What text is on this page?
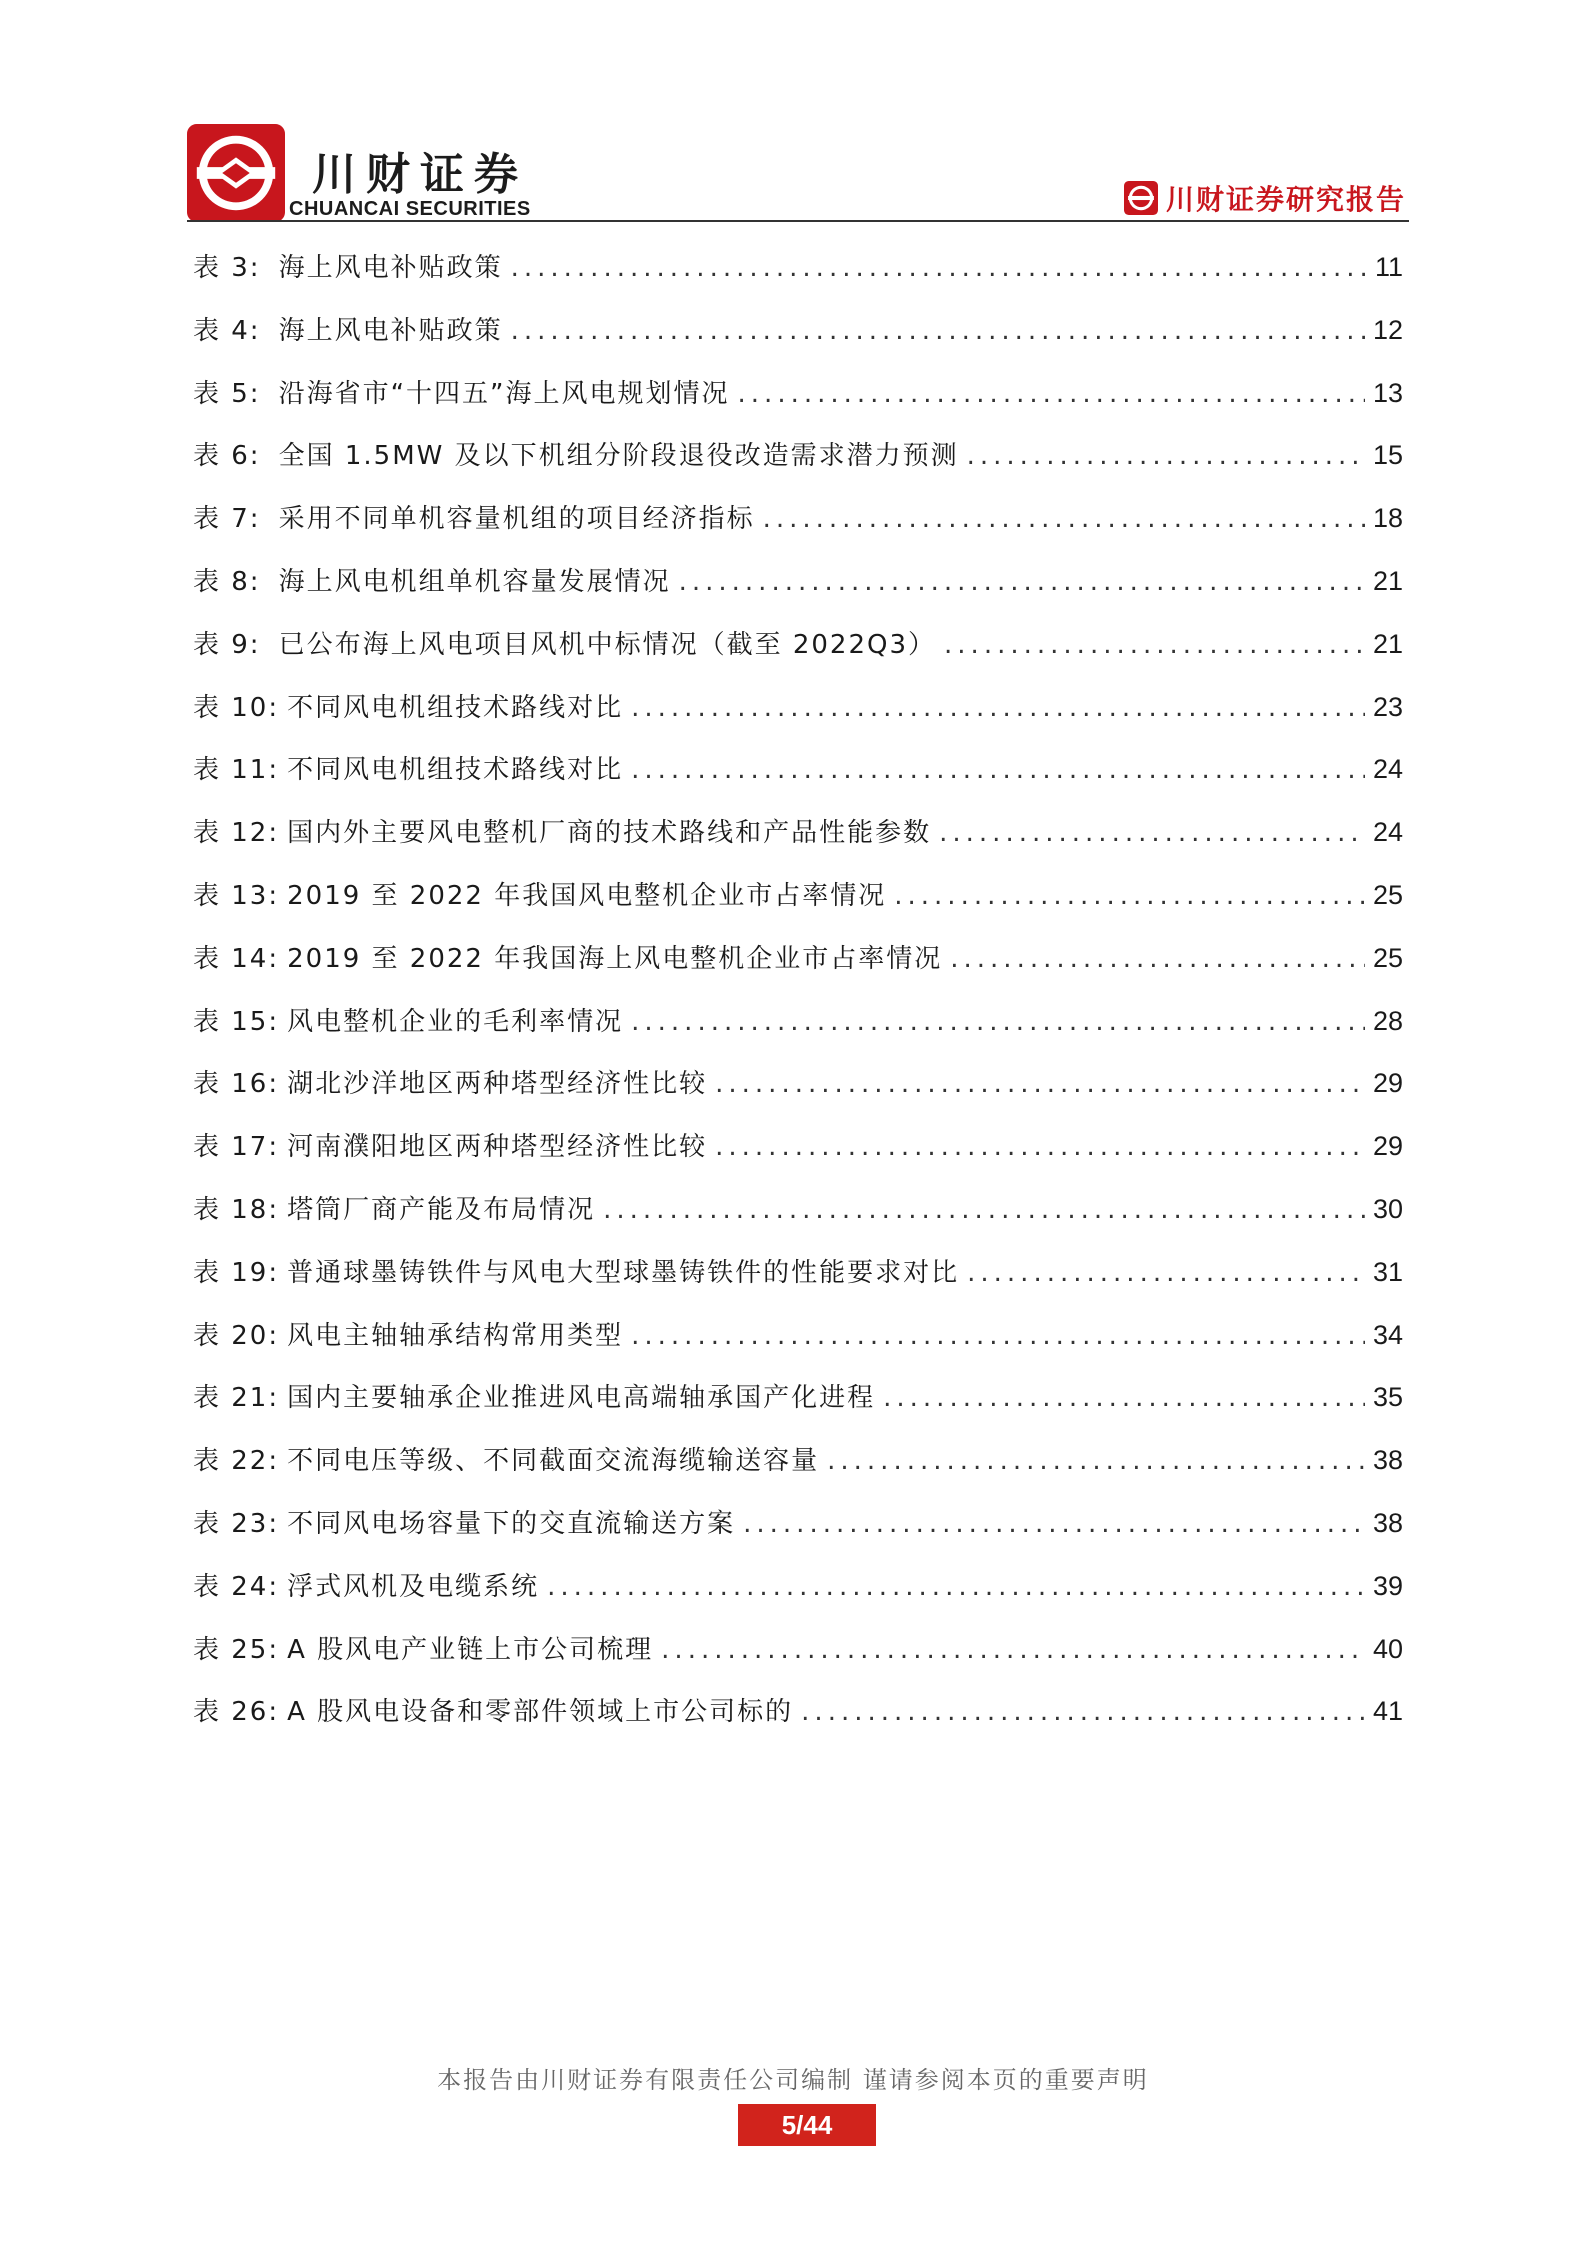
川财证券
CHUANCAI SECURITIES	川财证券研究报告
表 3: 海上风电补贴政策 .....	11
表 4: 海上风电补贴政策 .....	12
表 5: 沿海省市“十四五”海上风电规划情况 .....	13
表 6: 全国 1.5MW 及以下机组分阶段退役改造需求潜力预测 .....	15
表 7: 采用不同单机容量机组的项目经济指标 .....	18
表 8: 海上风电机组单机容量发展情况 .....	21
表 9: 已公布海上风电项目风机中标情况（截至 2022Q3） .....	21
表 10: 不同风电机组技术路线对比 .....	23
表 11: 不同风电机组技术路线对比 .....	24
表 12: 国内外主要风电整机厂商的技术路线和产品性能参数 .....	24
表 13: 2019 至 2022 年我国风电整机企业市占率情况 .....	25
表 14: 2019 至 2022 年我国海上风电整机企业市占率情况 .....	25
表 15: 风电整机企业的毛利率情况 .....	28
表 16: 湖北沙洋地区两种塔型经济性比较 .....	29
表 17: 河南濮阳地区两种塔型经济性比较 .....	29
表 18: 塔筒厂商产能及布局情况 .....	30
表 19: 普通球墨铸铁件与风电大型球墨铸铁件的性能要求对比 .....	31
表 20: 风电主轴轴承结构常用类型 .....	34
表 21: 国内主要轴承企业推进风电高端轴承国产化进程 .....	35
表 22: 不同电压等级、不同截面交流海缆输送容量 .....	38
表 23: 不同风电场容量下的交直流输送方案 .....	38
表 24: 浮式风机及电缆系统 .....	39
表 25: A 股风电产业链上市公司梳理 .....	40
表 26: A 股风电设备和零部件领域上市公司标的 .....	41
本报告由川财证券有限责任公司编制 谨请参阅本页的重要声明
5/44
